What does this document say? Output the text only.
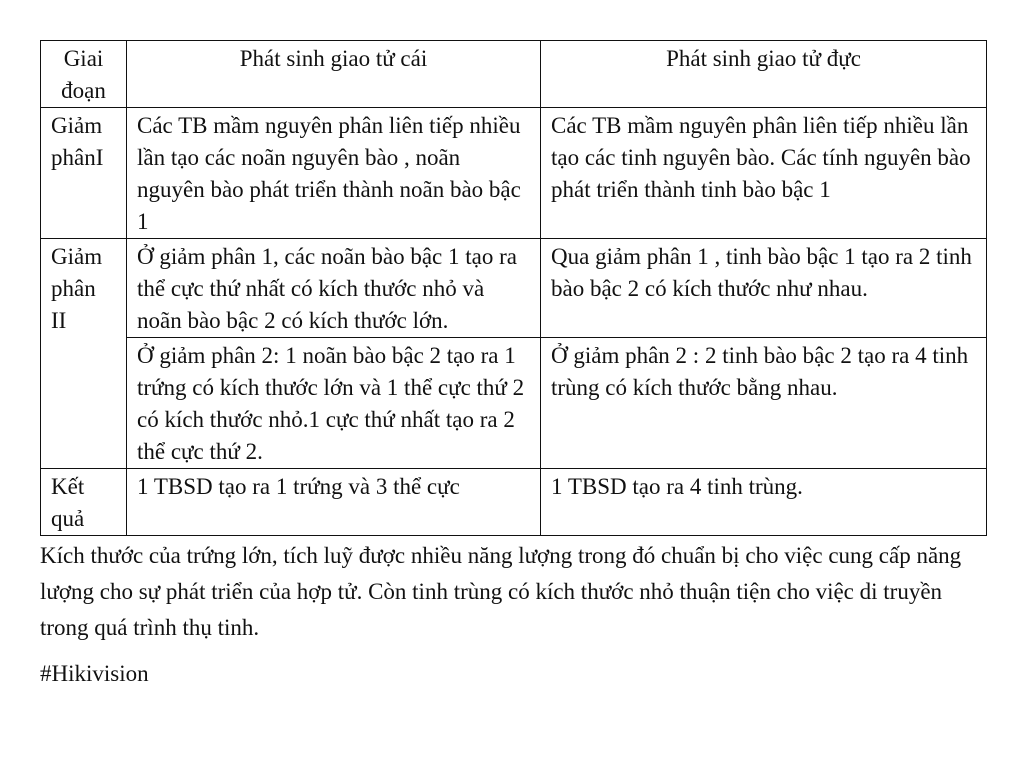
Giai đoạn	Phát sinh giao tử cái	Phát sinh giao tử đực
Giảm phânI	Các TB mầm nguyên phân liên tiếp nhiều lần tạo các noãn nguyên bào , noãn nguyên bào phát triển thành noãn bào bậc 1	Các TB mầm nguyên phân liên tiếp nhiều lần tạo các tinh nguyên bào. Các tính nguyên bào phát triển thành tinh bào bậc 1
Giảm phân II	Ở giảm phân 1, các noãn bào bậc 1 tạo ra thể cực thứ nhất có kích thước nhỏ và noãn bào bậc 2 có kích thước lớn.	Qua giảm phân 1 , tinh bào bậc 1 tạo ra 2 tinh bào bậc 2 có kích thước như nhau.
	Ở giảm phân 2: 1 noãn bào bậc 2 tạo ra 1 trứng có kích thước lớn và 1 thể cực thứ 2 có kích thước nhỏ.1 cực thứ nhất tạo ra 2 thể cực thứ 2.	Ở giảm phân 2 : 2 tinh bào bậc 2 tạo ra 4 tinh trùng có kích thước bằng nhau.
Kết quả	1 TBSD tạo ra 1 trứng và 3 thể cực	1 TBSD tạo ra 4 tinh trùng.

Kích thước của trứng lớn, tích luỹ được nhiều năng lượng trong đó chuẩn bị cho việc cung cấp năng lượng cho sự phát triển của hợp tử. Còn tinh trùng có kích thước nhỏ thuận tiện cho việc di truyền trong quá trình thụ tinh.

#Hikivision
